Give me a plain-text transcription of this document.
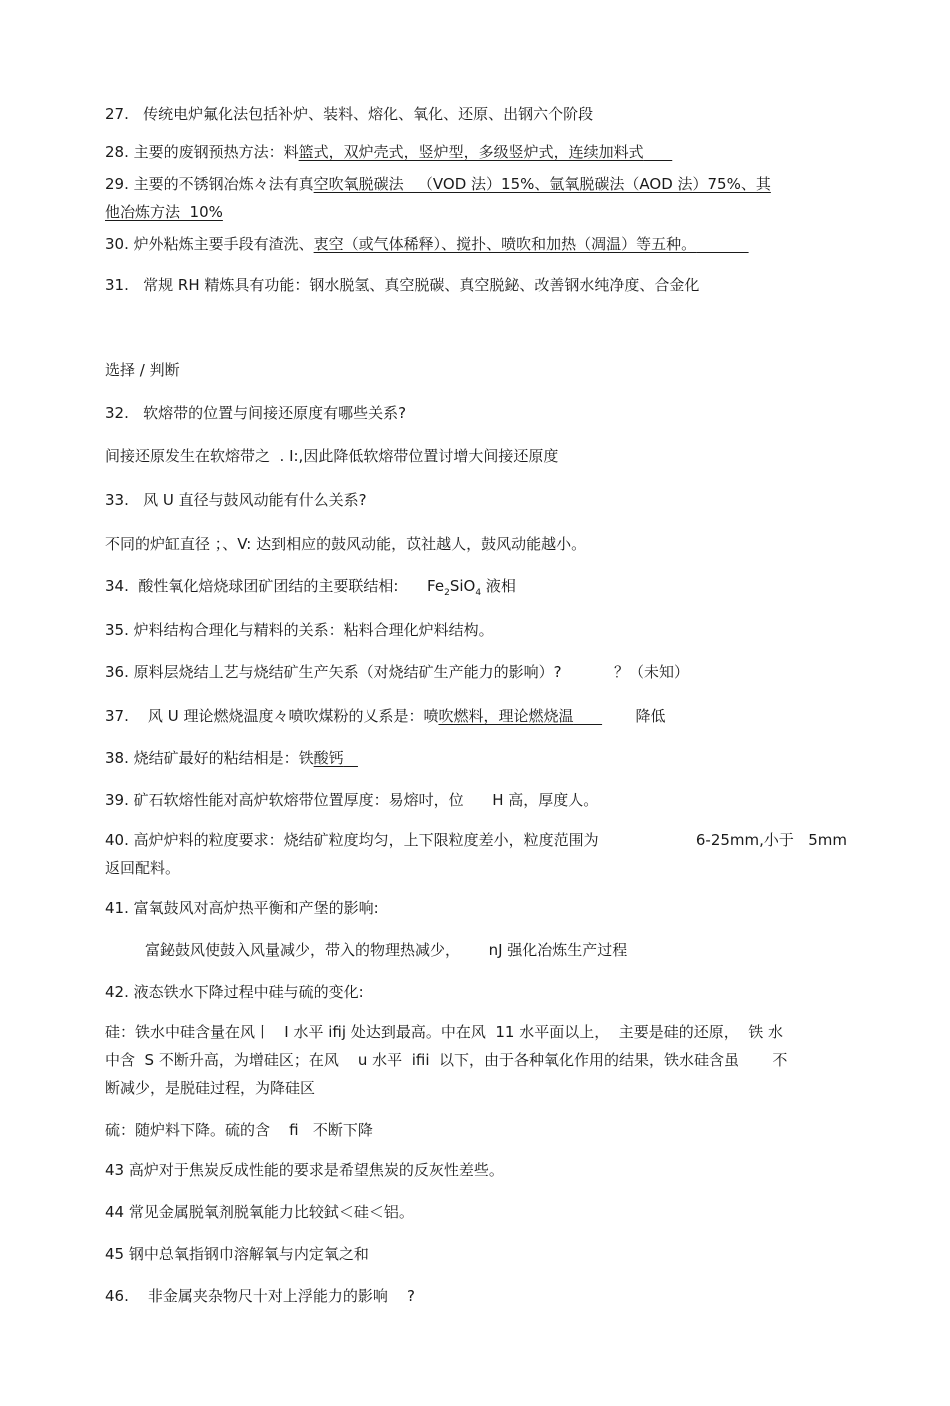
27.   传统电炉氟化法包括补炉、装料、熔化、氧化、还原、出钢六个阶段
28. 主要的废钢预热方法：料篮式，双炉壳式，竖炉型，多级竖炉式，连续加料式
29. 主要的不锈钢冶炼々法有真空吹氧脱碳法   （VOD 法）15%、氩氧脱碳法（AOD 法）75%、其
他冶炼方法  10%
30. 炉外粘炼主要手段有渣洗、衷空（或气体稀释）、搅扑、喷吹和加热（凋温）等五种。
31.   常规 RH 精炼具有功能：钢水脱氢、真空脱碳、真空脱鉍、改善钢水纯净度、合金化
选择 / 判断
32.   软熔带的位置与间接还原度有哪些关系?
间接还原发生在软熔带之  . I:,因此降低软熔带位置讨增大间接还原度
33.   风 U 直径与鼓风动能有什么关系?
不同的炉缸直径 ；、V: 达到相应的鼓风动能，苡社越人，鼓风动能越小。
34.  酸性氧化焙烧球团矿团结的主要联结相:      $Fe_2SiO_4$ 液相
35. 炉料结构合理化与精料的关系：粘料合理化炉料结构。
36. 原料层烧结丄艺与烧结矿生产矢系（对烧结矿生产能力的影响）?           ？（未知）
37.    风 U 理论燃烧温度々喷吹煤粉的乂系是：喷吹燃料，理论燃烧温             降低
38. 烧结矿最好的粘结相是：铁酸钙
39. 矿石软熔性能对高炉软熔带位置厚度：易熔吋，位      H 高，厚度人。
40. 高炉炉料的粒度要求：烧结矿粒度均匀，上下限粒度差小，粒度范围为	6-25mm,小于   5mm
返回配料。
41. 富氧鼓风对高炉热平衡和产堡的影响:
富鉍鼓风使鼓入风量减少，带入的物理热减少，      nJ 强化冶炼生产过程
42. 液态铁水下降过程中硅与硫的变化:
硅：铁水中硅含量在风丨   I 水平 ifij 处达到最高。中在风  11 水平面以上，  主要是硅的还原，  铁 水
中含  S 不断升高，为增硅区；在风    u 水平  ifii  以下，由于各种氧化作用的结果，铁水硅含虽       不
断减少，是脱硅过程，为降硅区
硫：随炉料下降。硫的含    fi   不断下降
43 高炉对于焦炭反成性能的要求是希望焦炭的反灰性差些。
44 常见金属脱氧剂脱氧能力比较鉽＜硅＜铝。
45 钢中总氧指钢巾溶解氧与内定氧之和
46.    非金属夹杂物尺十对上浮能力的影响    ?
